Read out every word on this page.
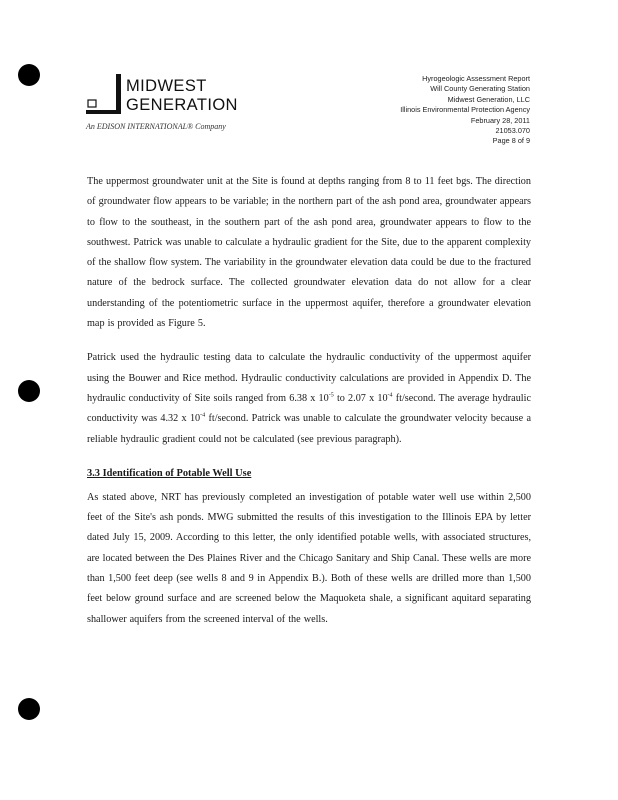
MIDWEST
GENERATION
An EDISON INTERNATIONAL® Company
Hyrogeologic Assessment Report
Will County Generating Station
Midwest Generation, LLC
Illinois Environmental Protection Agency
February 28, 2011
21053.070
Page 8 of 9

The uppermost groundwater unit at the Site is found at depths ranging from 8 to 11 feet bgs. The direction of groundwater flow appears to be variable; in the northern part of the ash pond area, groundwater appears to flow to the southeast, in the southern part of the ash pond area, groundwater appears to flow to the southwest. Patrick was unable to calculate a hydraulic gradient for the Site, due to the apparent complexity of the shallow flow system. The variability in the groundwater elevation data could be due to the fractured nature of the bedrock surface. The collected groundwater elevation data do not allow for a clear understanding of the potentiometric surface in the uppermost aquifer, therefore a groundwater elevation map is provided as Figure 5.

Patrick used the hydraulic testing data to calculate the hydraulic conductivity of the uppermost aquifer using the Bouwer and Rice method. Hydraulic conductivity calculations are provided in Appendix D. The hydraulic conductivity of Site soils ranged from 6.38 x $10^{-5}$ to 2.07 x $10^{-4}$ ft/second. The average hydraulic conductivity was 4.32 x $10^{-4}$ ft/second. Patrick was unable to calculate the groundwater velocity because a reliable hydraulic gradient could not be calculated (see previous paragraph).

3.3 Identification of Potable Well Use

As stated above, NRT has previously completed an investigation of potable water well use within 2,500 feet of the Site's ash ponds. MWG submitted the results of this investigation to the Illinois EPA by letter dated July 15, 2009. According to this letter, the only identified potable wells, with associated structures, are located between the Des Plaines River and the Chicago Sanitary and Ship Canal. These wells are more than 1,500 feet deep (see wells 8 and 9 in Appendix B.). Both of these wells are drilled more than 1,500 feet below ground surface and are screened below the Maquoketa shale, a significant aquitard separating shallower aquifers from the screened interval of the wells.
